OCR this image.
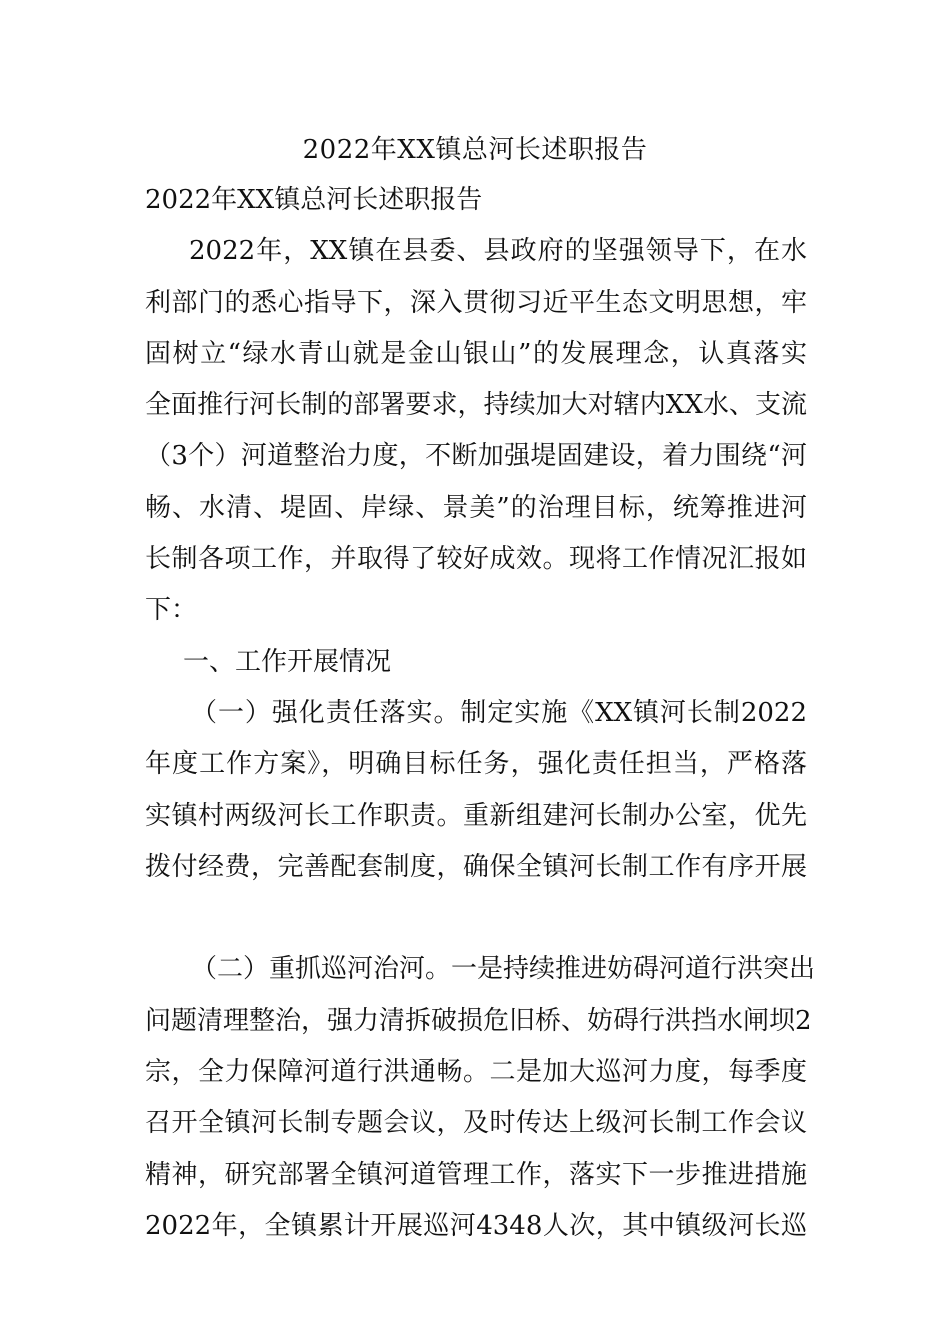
2022年XX镇总河长述职报告
2022年XX镇总河长述职报告
2022年，XX镇在县委、县政府的坚强领导下，在水
利部门的悉心指导下，深入贯彻习近平生态文明思想，牢
固树立“绿水青山就是金山银山”的发展理念，认真落实
全面推行河长制的部署要求，持续加大对辖内XX水、支流
（3个）河道整治力度，不断加强堤固建设，着力围绕“河
畅、水清、堤固、岸绿、景美”的治理目标，统筹推进河
长制各项工作，并取得了较好成效。现将工作情况汇报如
下：
一、工作开展情况
（一）强化责任落实。制定实施《XX镇河长制2022
年度工作方案》，明确目标任务，强化责任担当，严格落
实镇村两级河长工作职责。重新组建河长制办公室，优先
拨付经费，完善配套制度，确保全镇河长制工作有序开展
（二）重抓巡河治河。一是持续推进妨碍河道行洪突出
问题清理整治，强力清拆破损危旧桥、妨碍行洪挡水闸坝2
宗，全力保障河道行洪通畅。二是加大巡河力度，每季度
召开全镇河长制专题会议，及时传达上级河长制工作会议
精神，研究部署全镇河道管理工作，落实下一步推进措施
2022年，全镇累计开展巡河4348人次，其中镇级河长巡
